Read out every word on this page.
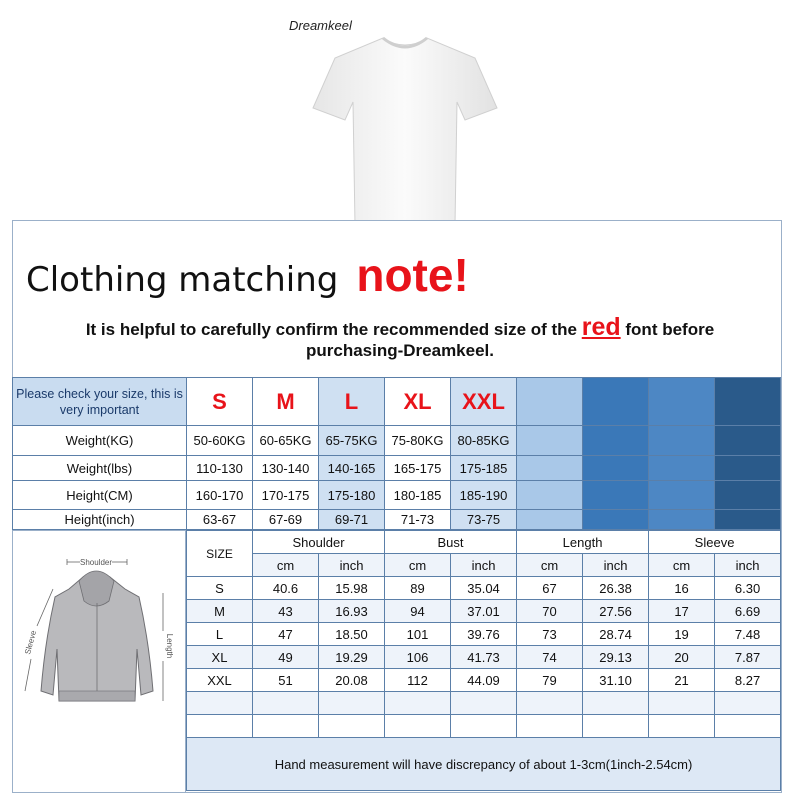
Dreamkeel
Clothing matching note!
It is helpful to carefully confirm the recommended size of the red font before
purchasing-Dreamkeel.
Please check your size, this is very important	S	M	L	XL	XXL				
Weight(KG)	50-60KG	60-65KG	65-75KG	75-80KG	80-85KG				
Weight(lbs)	110-130	130-140	140-165	165-175	175-185				
Height(CM)	160-170	170-175	175-180	180-185	185-190				
Height(inch)	63-67	67-69	69-71	71-73	73-75				
Shoulder
Length
Sleeve
SIZE	Shoulder		Bust		Length		Sleeve	
	cm	inch	cm	inch	cm	inch	cm	inch
S	40.6	15.98	89	35.04	67	26.38	16	6.30
M	43	16.93	94	37.01	70	27.56	17	6.69
L	47	18.50	101	39.76	73	28.74	19	7.48
XL	49	19.29	106	41.73	74	29.13	20	7.87
XXL	51	20.08	112	44.09	79	31.10	21	8.27

Hand measurement will have discrepancy of about 1-3cm(1inch-2.54cm)								
